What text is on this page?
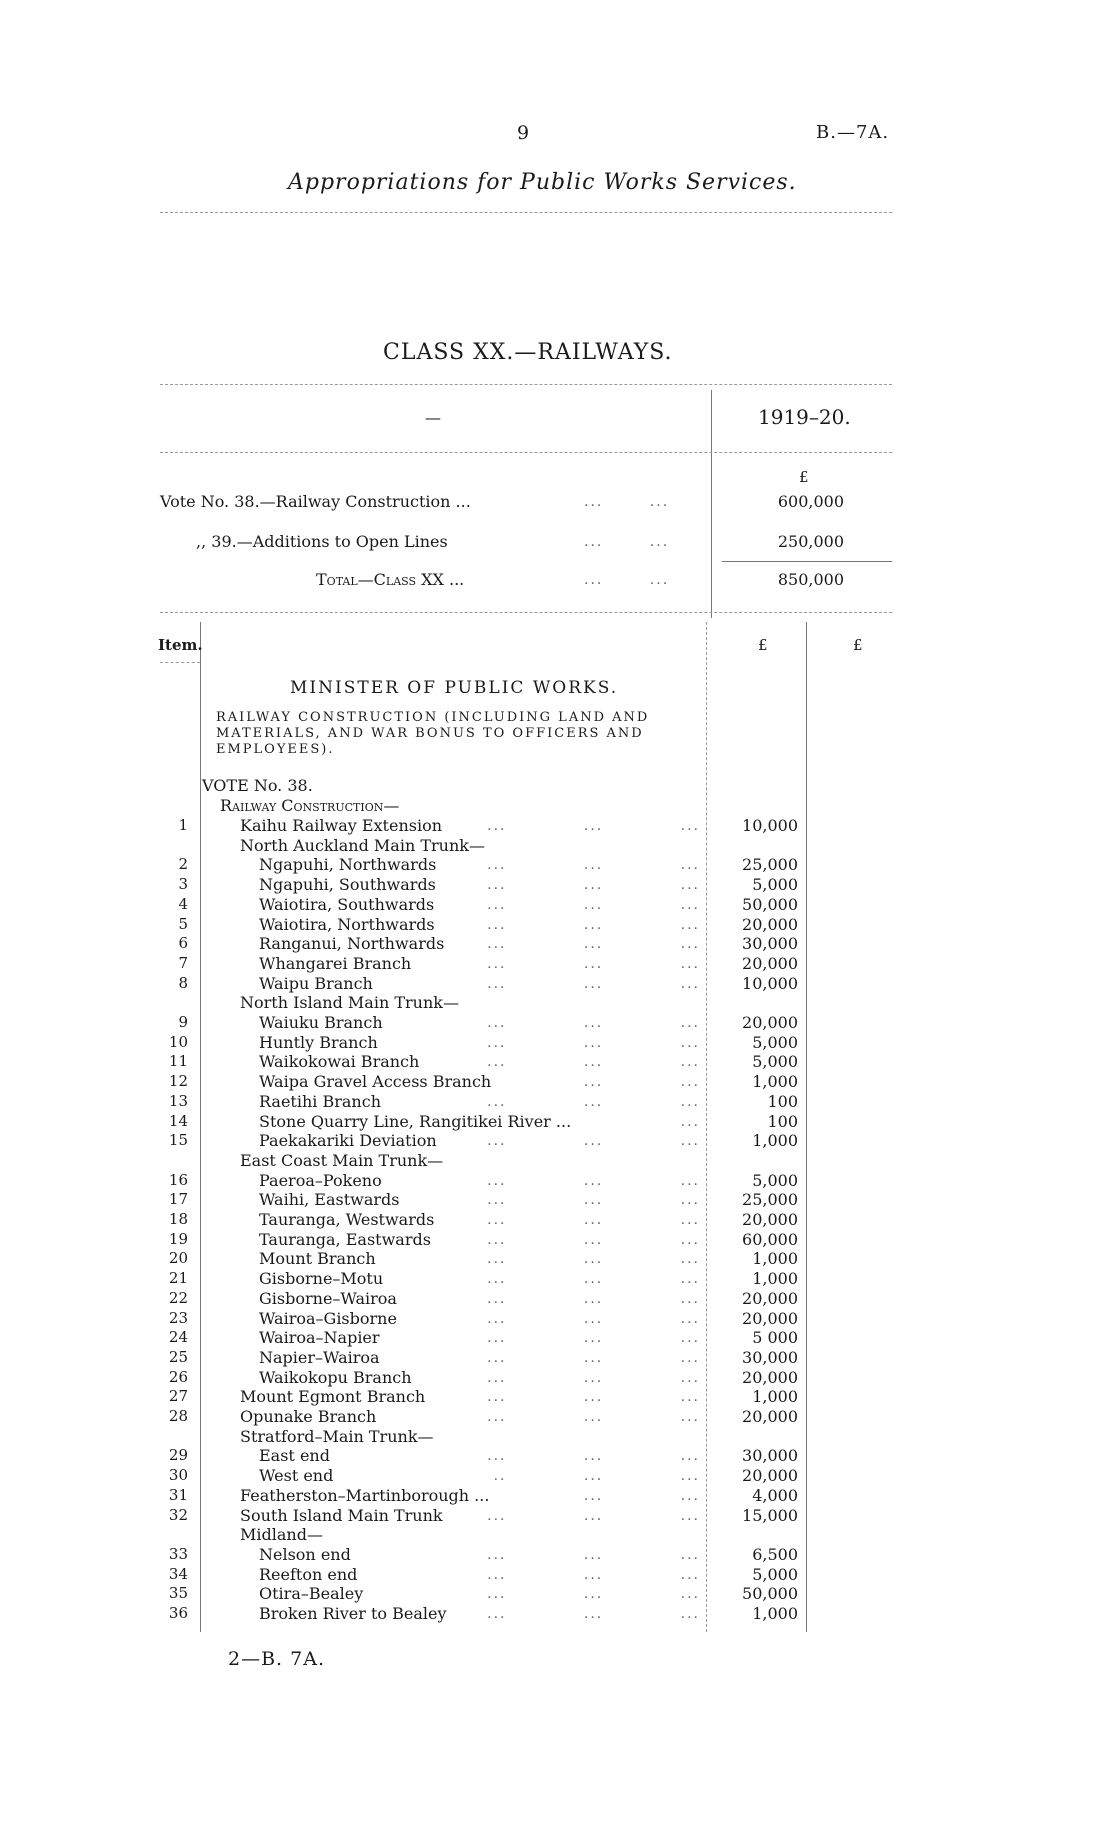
9	B.—7A.
Appropriations for Public Works Services.
CLASS XX.—RAILWAYS.
—	1919–20.
£
Vote No. 38.—Railway Construction ...	... ...	600,000
,, 39.—Additions to Open Lines	... ...	250,000
Total—Class XX ...	... ...	850,000
Item.	£	£
MINISTER OF PUBLIC WORKS.
RAILWAY CONSTRUCTION (INCLUDING LAND AND
MATERIALS, AND WAR BONUS TO OFFICERS AND
EMPLOYEES).
VOTE No. 38.
Railway Construction—
1	Kaihu Railway Extension	...            ...            ...	10,000
North Auckland Main Trunk—
2	Ngapuhi, Northwards	...            ...            ...	25,000
3	Ngapuhi, Southwards	...            ...            ...	5,000
4	Waiotira, Southwards	...            ...            ...	50,000
5	Waiotira, Northwards	...            ...            ...	20,000
6	Ranganui, Northwards	...            ...            ...	30,000
7	Whangarei Branch	...            ...            ...	20,000
8	Waipu Branch	...            ...            ...	10,000
North Island Main Trunk—
9	Waiuku Branch	...            ...            ...	20,000
10	Huntly Branch	...            ...            ...	5,000
11	Waikokowai Branch	...            ...            ...	5,000
12	Waipa Gravel Access Branch	...            ...	1,000
13	Raetihi Branch	...            ...            ...	100
14	Stone Quarry Line, Rangitikei River ...	...	100
15	Paekakariki Deviation	...            ...            ...	1,000
East Coast Main Trunk—
16	Paeroa–Pokeno	...            ...            ...	5,000
17	Waihi, Eastwards	...            ...            ...	25,000
18	Tauranga, Westwards	...            ...            ...	20,000
19	Tauranga, Eastwards	...            ...            ...	60,000
20	Mount Branch	...            ...            ...	1,000
21	Gisborne–Motu	...            ...            ...	1,000
22	Gisborne–Wairoa	...            ...            ...	20,000
23	Wairoa–Gisborne	...            ...            ...	20,000
24	Wairoa–Napier	...            ...            ...	5 000
25	Napier–Wairoa	...            ...            ...	30,000
26	Waikokopu Branch	...            ...            ...	20,000
27	Mount Egmont Branch	...            ...            ...	1,000
28	Opunake Branch	...            ...            ...	20,000
Stratford–Main Trunk—
29	East end	...            ...            ...	30,000
30	West end	..            ...            ...	20,000
31	Featherston–Martinborough ...	...            ...	4,000
32	South Island Main Trunk	...            ...            ...	15,000
Midland—
33	Nelson end	...            ...            ...	6,500
34	Reefton end	...            ...            ...	5,000
35	Otira–Bealey	...            ...            ...	50,000
36	Broken River to Bealey	...            ...            ...	1,000
2—B. 7A.
